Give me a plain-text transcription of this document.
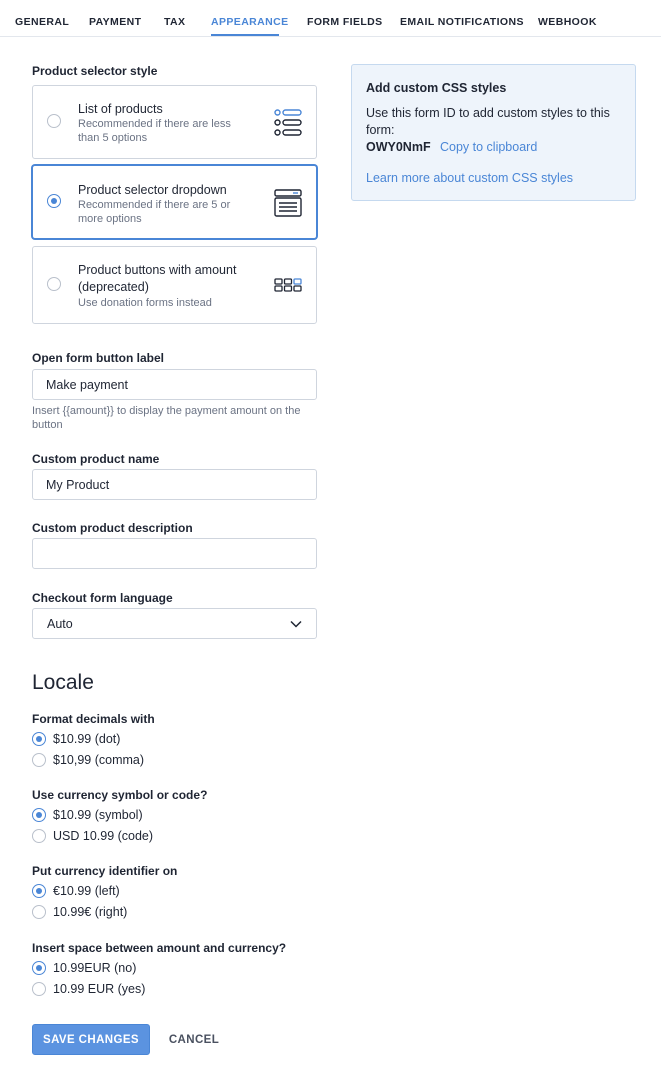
GENERAL PAYMENT TAX APPEARANCE FORM FIELDS EMAIL NOTIFICATIONS WEBHOOK
Product selector style
List of products
Recommended if there are less than 5 options
Product selector dropdown
Recommended if there are 5 or more options
Product buttons with amount (deprecated)
Use donation forms instead
Open form button label
Make payment
Insert {{amount}} to display the payment amount on the button
Custom product name
My Product
Custom product description
Checkout form language
Auto
Locale
Format decimals with
$10.99 (dot)
$10,99 (comma)
Use currency symbol or code?
$10.99 (symbol)
USD 10.99 (code)
Put currency identifier on
€10.99 (left)
10.99€ (right)
Insert space between amount and currency?
10.99EUR (no)
10.99 EUR (yes)
SAVE CHANGES	CANCEL
Add custom CSS styles
Use this form ID to add custom styles to this form:
OWY0NmF Copy to clipboard
Learn more about custom CSS styles
